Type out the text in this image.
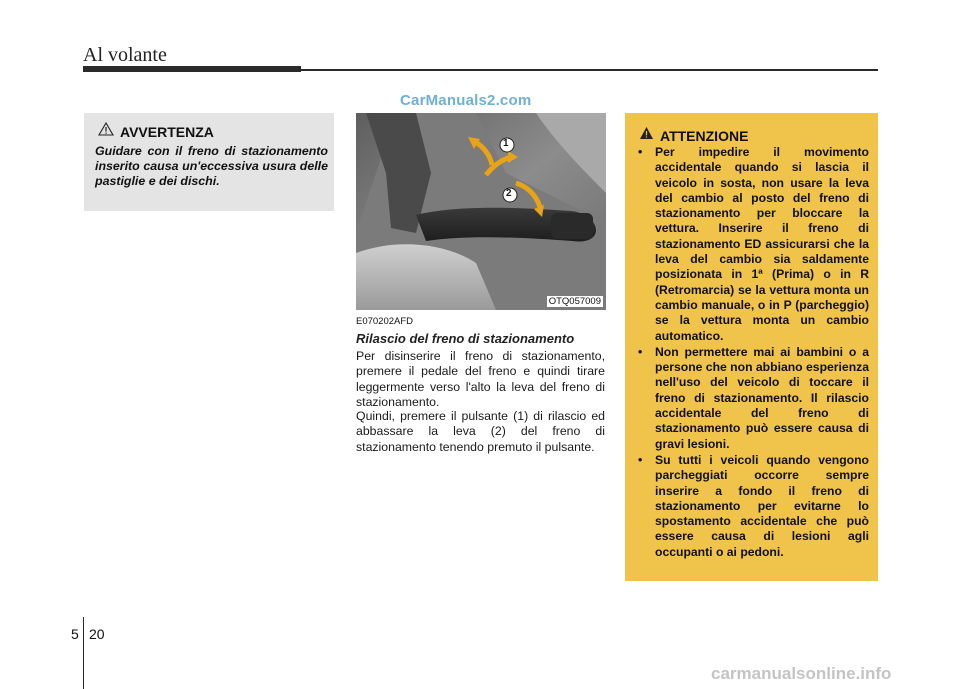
Al volante
CarManuals2.com
AVVERTENZA
Guidare con il freno di stazionamento inserito causa un'eccessiva usura delle pastiglie e dei dischi.
1
2
OTQ057009
E070202AFD
Rilascio del freno di stazionamento

Per disinserire il freno di stazionamento, premere il pedale del freno e quindi tirare leggermente verso l'alto la leva del freno di stazionamento.

Quindi, premere il pulsante (1) di rilascio ed abbassare la leva (2) del freno di stazionamento tenendo premuto il pulsante.

ATTENZIONE
• Per impedire il movimento accidentale quando si lascia il veicolo in sosta, non usare la leva del cambio al posto del freno di stazionamento per bloccare la vettura. Inserire il freno di stazionamento ED assicurarsi che la leva del cambio sia saldamente posizionata in 1ª (Prima) o in R (Retromarcia) se la vettura monta un cambio manuale, o in P (parcheggio) se la vettura monta un cambio automatico.
• Non permettere mai ai bambini o a persone che non abbiano esperienza nell'uso del veicolo di toccare il freno di stazionamento. Il rilascio accidentale del freno di stazionamento può essere causa di gravi lesioni.
• Su tutti i veicoli quando vengono parcheggiati occorre sempre inserire a fondo il freno di stazionamento per evitarne lo spostamento accidentale che può essere causa di lesioni agli occupanti o ai pedoni.
5 20
carmanualsonline.info
